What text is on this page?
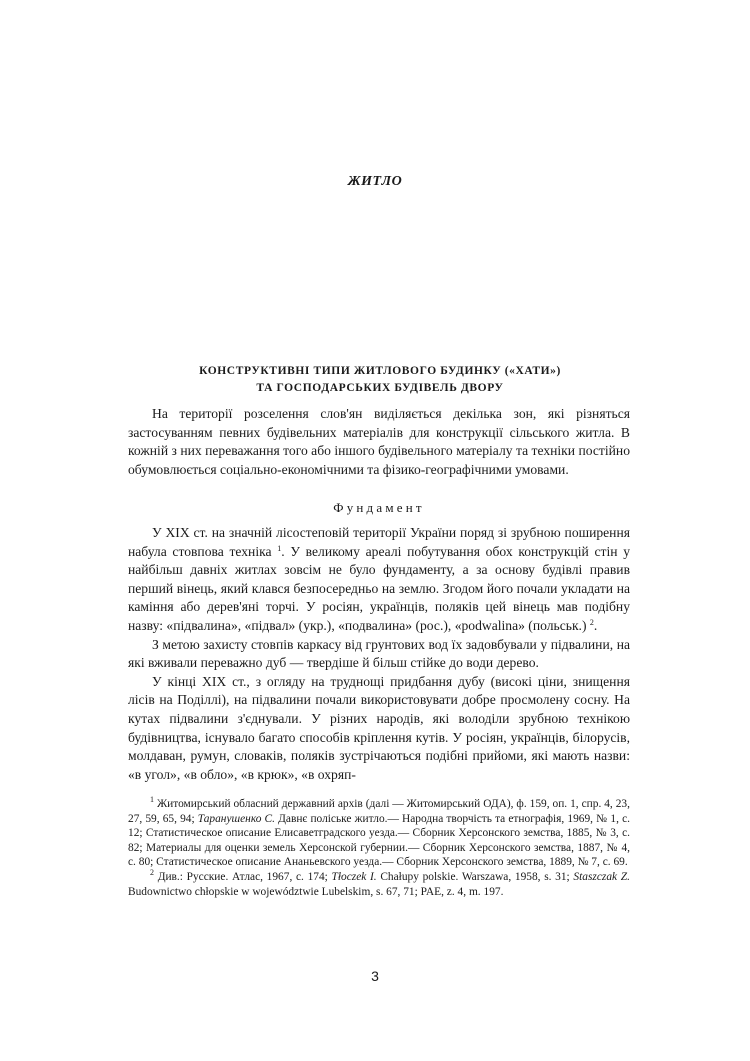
ЖИТЛО
КОНСТРУКТИВНІ ТИПИ ЖИТЛОВОГО БУДИНКУ («ХАТИ»)
ТА ГОСПОДАРСЬКИХ БУДІВЕЛЬ ДВОРУ

На території розселення слов'ян виділяється декілька зон, які різняться застосуванням певних будівельних матеріалів для конструкції сільського житла. В кожній з них переважання того або іншого будівельного матеріалу та техніки постійно обумовлюється соціально-економічними та фізико-географічними умовами.

Фундамент

У XIX ст. на значній лісостеповій території України поряд зі зрубною поширення набула стовпова техніка $^1$. У великому ареалі побутування обох конструкцій стін у найбільш давніх житлах зовсім не було фундаменту, а за основу будівлі правив перший вінець, який клався безпосередньо на землю. Згодом його почали укладати на каміння або дерев'яні торчі. У росіян, українців, поляків цей вінець мав подібну назву: «підвалина», «підвал» (укр.), «подвалина» (рос.), «podwalina» (польськ.) $^2$.

З метою захисту стовпів каркасу від грунтових вод їх задовбували у підвалини, на які вживали переважно дуб — твердіше й більш стійке до води дерево.

У кінці XIX ст., з огляду на труднощі придбання дубу (високі ціни, знищення лісів на Поділлі), на підвалини почали використовувати добре просмолену сосну. На кутах підвалини з'єднували. У різних народів, які володіли зрубною технікою будівництва, існувало багато способів кріплення кутів. У росіян, українців, білорусів, молдаван, румун, словаків, поляків зустрічаються подібні прийоми, які мають назви: «в угол», «в обло», «в крюк», «в охряп-

$^1$ Житомирський обласний державний архів (далі — Житомирський ОДА), ф. 159, оп. 1, спр. 4, 23, 27, 59, 65, 94; Таранушенко С. Давнє поліське житло.— Народна творчість та етнографія, 1969, № 1, с. 12; Статистическое описание Елисаветградского уезда.— Сборник Херсонского земства, 1885, № 3, с. 82; Материалы для оценки земель Херсонской губернии.— Сборник Херсонского земства, 1887, № 4, с. 80; Статистическое описание Ананьевского уезда.— Сборник Херсонского земства, 1889, № 7, с. 69.

$^2$ Див.: Русские. Атлас, 1967, с. 174; Tłoczek I. Chałupy polskie. Warszawa, 1958, s. 31; Staszczak Z. Budownictwo chłopskie w województwie Lubelskim, s. 67, 71; PAE, z. 4, m. 197.

3
